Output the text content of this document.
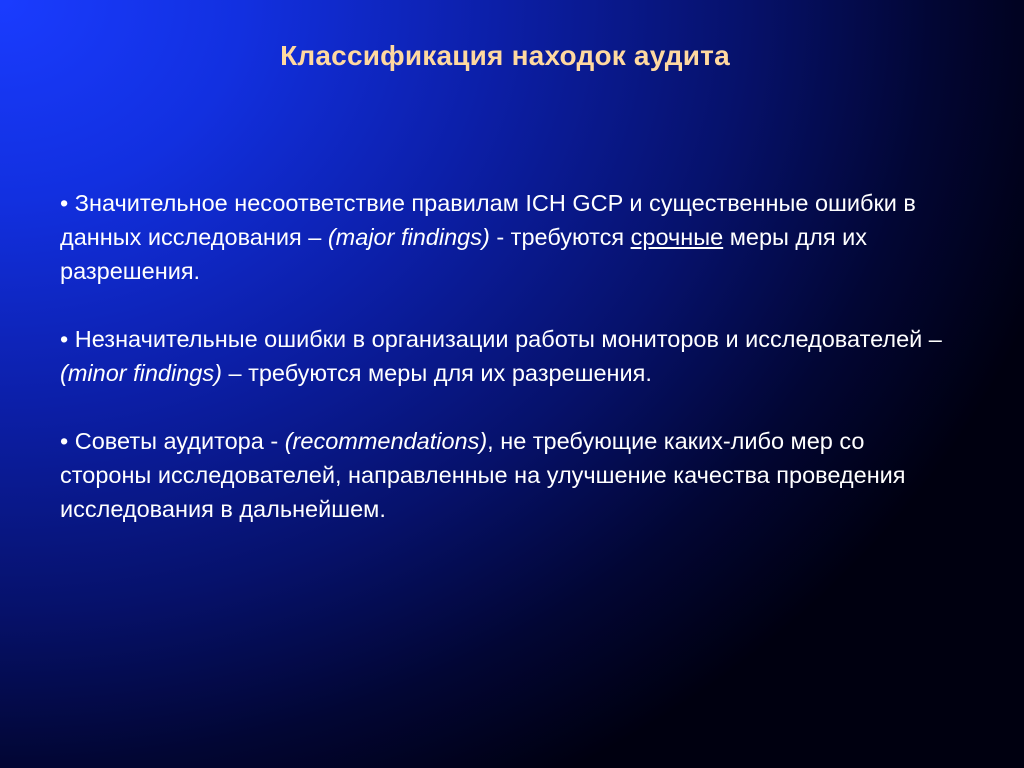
Классификация находок аудита

• Значительное несоответствие правилам ICH GCP и существенные ошибки в данных исследования – (major findings) - требуются срочные меры для их разрешения.

• Незначительные ошибки в организации работы мониторов и исследователей – (minor findings) – требуются меры для их разрешения.

• Советы аудитора - (recommendations), не требующие каких-либо мер со стороны исследователей, направленные на улучшение качества проведения исследования в дальнейшем.
